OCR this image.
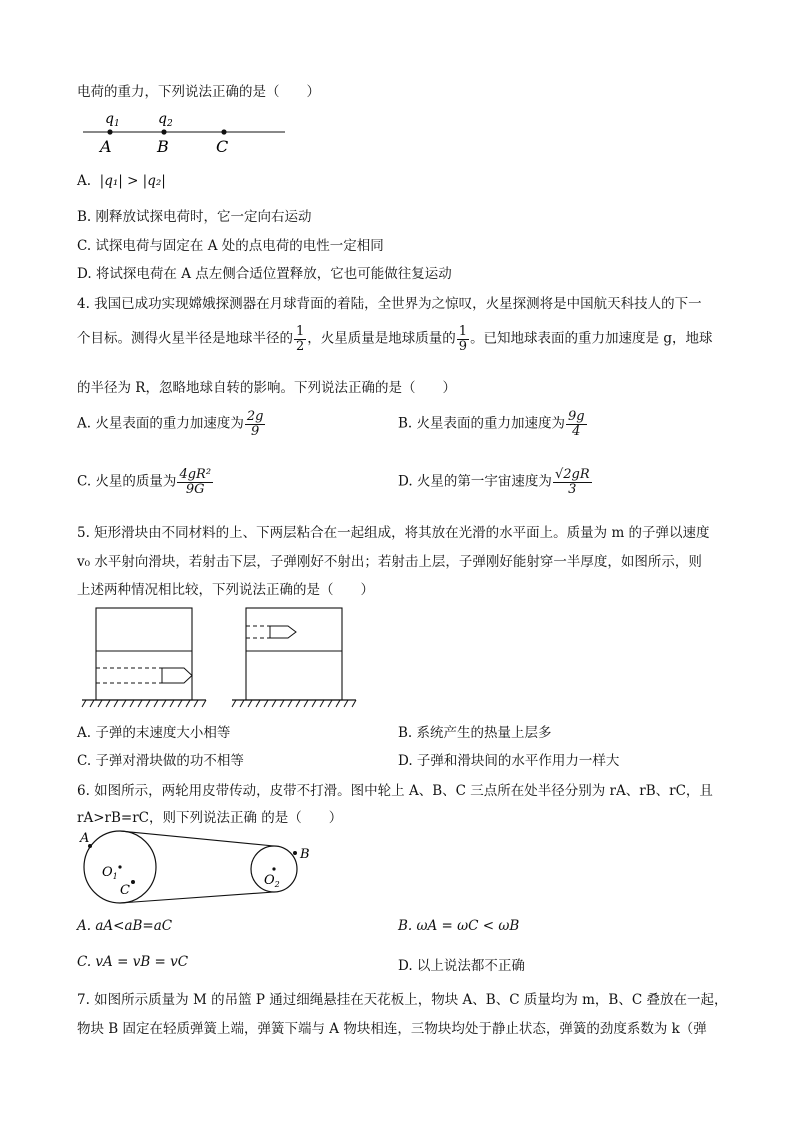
电荷的重力，下列说法正确的是（　　）
$q_1$	$q_2$
A	B	C
A. |q₁| > |q₂|
B. 刚释放试探电荷时，它一定向右运动
C. 试探电荷与固定在 A 处的点电荷的电性一定相同
D. 将试探电荷在 A 点左侧合适位置释放，它也可能做往复运动
4. 我国已成功实现嫦娥探测器在月球背面的着陆，全世界为之惊叹，火星探测将是中国航天科技人的下一
个目标。测得火星半径是地球半径的 $\frac{1}{2}$ ，火星质量是地球质量的 $\frac{1}{9}$ 。已知地球表面的重力加速度是 g，地球
的半径为 R，忽略地球自转的影响。下列说法正确的是（　　）
A. 火星表面的重力加速度为 $\frac{2g}{9}$	B. 火星表面的重力加速度为 $\frac{9g}{4}$
C. 火星的质量为 $\frac{\text{4gR²}}{9G}$	D. 火星的第一宇宙速度为 $\frac{√2gR}{3}$
5. 矩形滑块由不同材料的上、下两层粘合在一起组成，将其放在光滑的水平面上。质量为 m 的子弹以速度
v₀ 水平射向滑块，若射击下层，子弹刚好不射出；若射击上层，子弹刚好能射穿一半厚度，如图所示，则
上述两种情况相比较，下列说法正确的是（　　）
A. 子弹的末速度大小相等	B. 系统产生的热量上层多
C. 子弹对滑块做的功不相等	D. 子弹和滑块间的水平作用力一样大
6. 如图所示，两轮用皮带传动，皮带不打滑。图中轮上 A、B、C 三点所在处半径分别为 rA、rB、rC，且
rA>rB=rC，则下列说法正确 的是（　　）
A
B
C
$O_1$	$O_2$
A. aA<aB=aC	B. ωA = ωC < ωB
C. vA = vB = vC	D. 以上说法都不正确
7. 如图所示质量为 M 的吊篮 P 通过细绳悬挂在天花板上，物块 A、B、C 质量均为 m，B、C 叠放在一起，
物块 B 固定在轻质弹簧上端，弹簧下端与 A 物块相连，三物块均处于静止状态，弹簧的劲度系数为 k（弹
